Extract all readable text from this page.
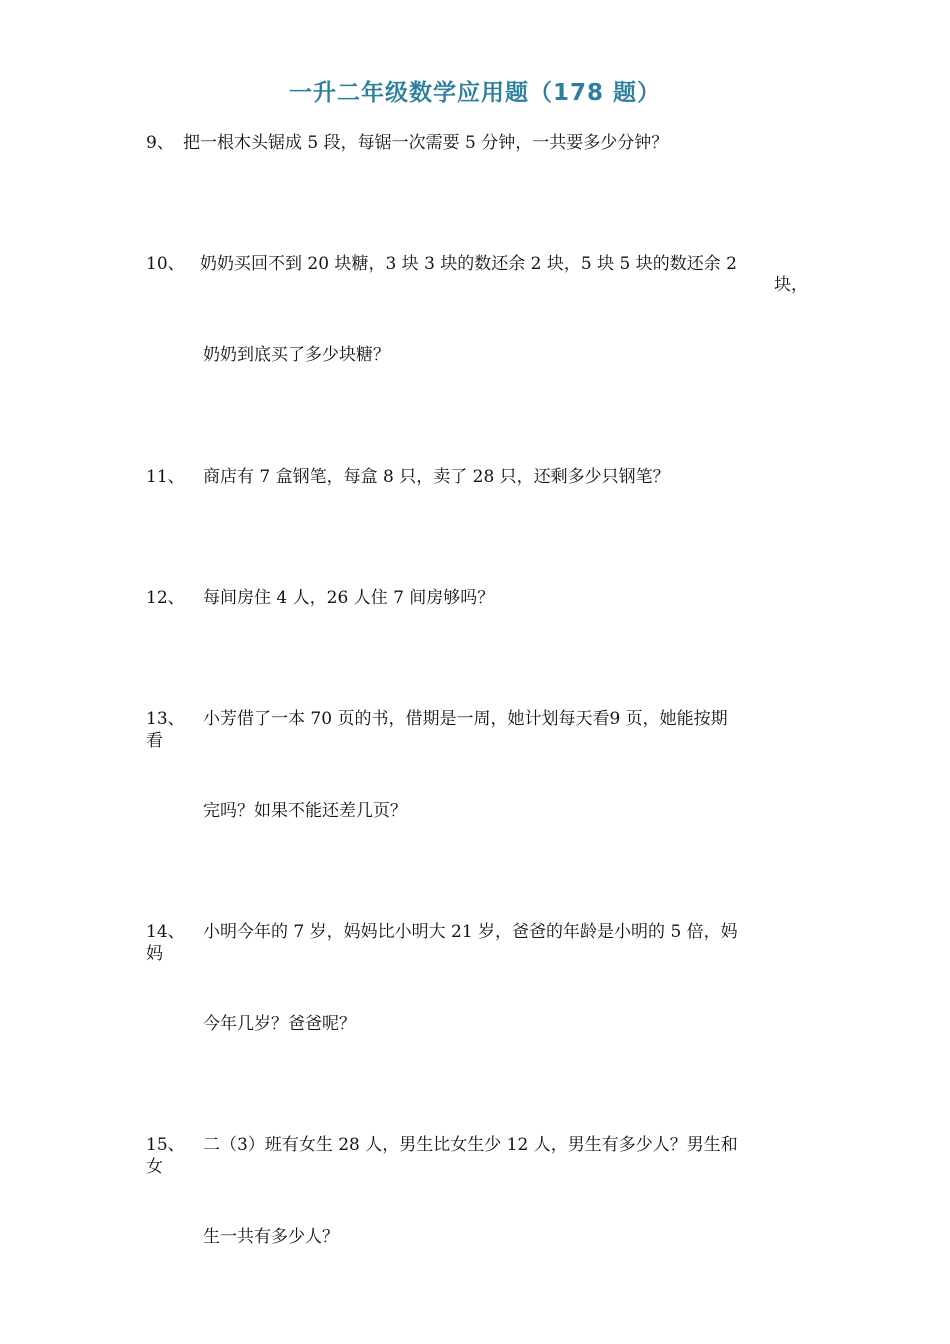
一升二年级数学应用题（178 题）
9、 把一根木头锯成 5 段，每锯一次需要 5 分钟，一共要多少分钟？
10、 奶奶买回不到 20 块糖，3 块 3 块的数还余 2 块，5 块 5 块的数还余 2
块，
奶奶到底买了多少块糖？
11、 商店有 7 盒钢笔，每盒 8 只，卖了 28 只，还剩多少只钢笔？
12、 每间房住 4 人，26 人住 7 间房够吗？
13、 小芳借了一本 70 页的书，借期是一周，她计划每天看9 页，她能按期
看
完吗？如果不能还差几页？
14、 小明今年的 7 岁，妈妈比小明大 21 岁，爸爸的年龄是小明的 5 倍，妈
妈
今年几岁？爸爸呢？
15、 二（3）班有女生 28 人，男生比女生少 12 人，男生有多少人？男生和
女
生一共有多少人？
